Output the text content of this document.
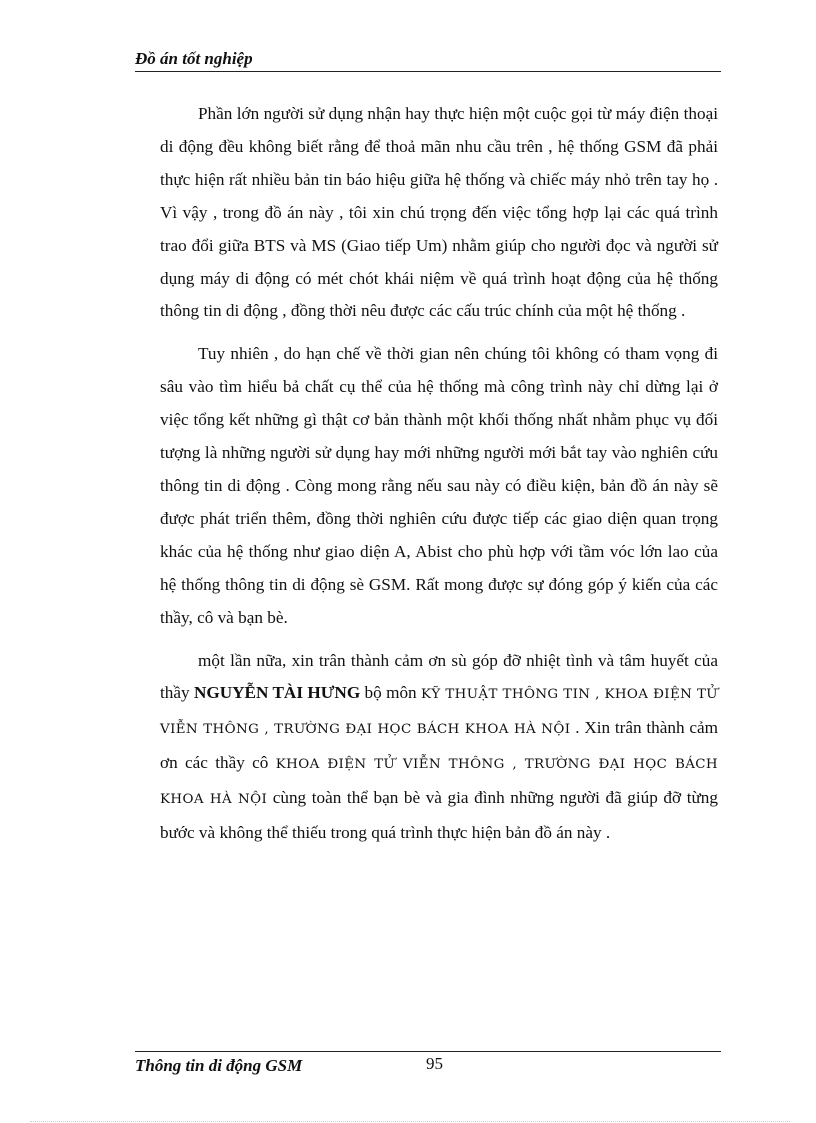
Đồ án tốt nghiệp

Phần lớn người sử dụng nhận hay thực hiện một cuộc gọi từ máy điện thoại di động đều không biết rằng để thoả mãn nhu cầu trên , hệ thống GSM đã phải thực hiện rất nhiều bản tin báo hiệu giữa hệ thống và chiếc máy nhỏ trên tay họ . Vì vậy , trong đồ án này , tôi xin chú trọng đến việc tổng hợp lại các quá trình trao đổi giữa BTS và MS (Giao tiếp Um) nhằm giúp cho người đọc và người sử dụng máy di động có mét chót khái niệm về quá trình hoạt động của hệ thống thông tin di động , đồng thời nêu được các cấu trúc chính của một hệ thống .

Tuy nhiên , do hạn chế về thời gian nên chúng tôi không có tham vọng đi sâu vào tìm hiểu bả chất cụ thể của hệ thống mà công trình này chỉ dừng lại ở việc tổng kết những gì thật cơ bản thành một khối thống nhất nhằm phục vụ đối tượng là những người sử dụng hay mới những người mới bắt tay vào nghiên cứu thông tin di động . Còng mong rằng nếu sau này có điều kiện, bản đồ án này sẽ được phát triển thêm, đồng thời nghiên cứu được tiếp các giao diện quan trọng khác của hệ thống như giao diện A, Abist cho phù hợp với tầm vóc lớn lao của hệ thống thông tin di động sè GSM. Rất mong được sự đóng góp ý kiến của các thầy, cô và bạn bè.

một lần nữa, xin trân thành cảm ơn sù góp đỡ nhiệt tình và tâm huyết của thầy NGUYỄN TÀI HƯNG bộ môn KỸ THUẬT THÔNG TIN , KHOA ĐIỆN TỬ VIỄN THÔNG , TRƯỜNG ĐẠI HỌC BÁCH KHOA HÀ NỘI . Xin trân thành cảm ơn các thầy cô KHOA ĐIỆN TỬ VIỄN THÔNG , TRƯỜNG ĐẠI HỌC BÁCH KHOA HÀ NỘI cùng toàn thể bạn bè và gia đình những người đã giúp đỡ từng bước và không thể thiếu trong quá trình thực hiện bản đồ án này .

Thông tin di động GSM	95
